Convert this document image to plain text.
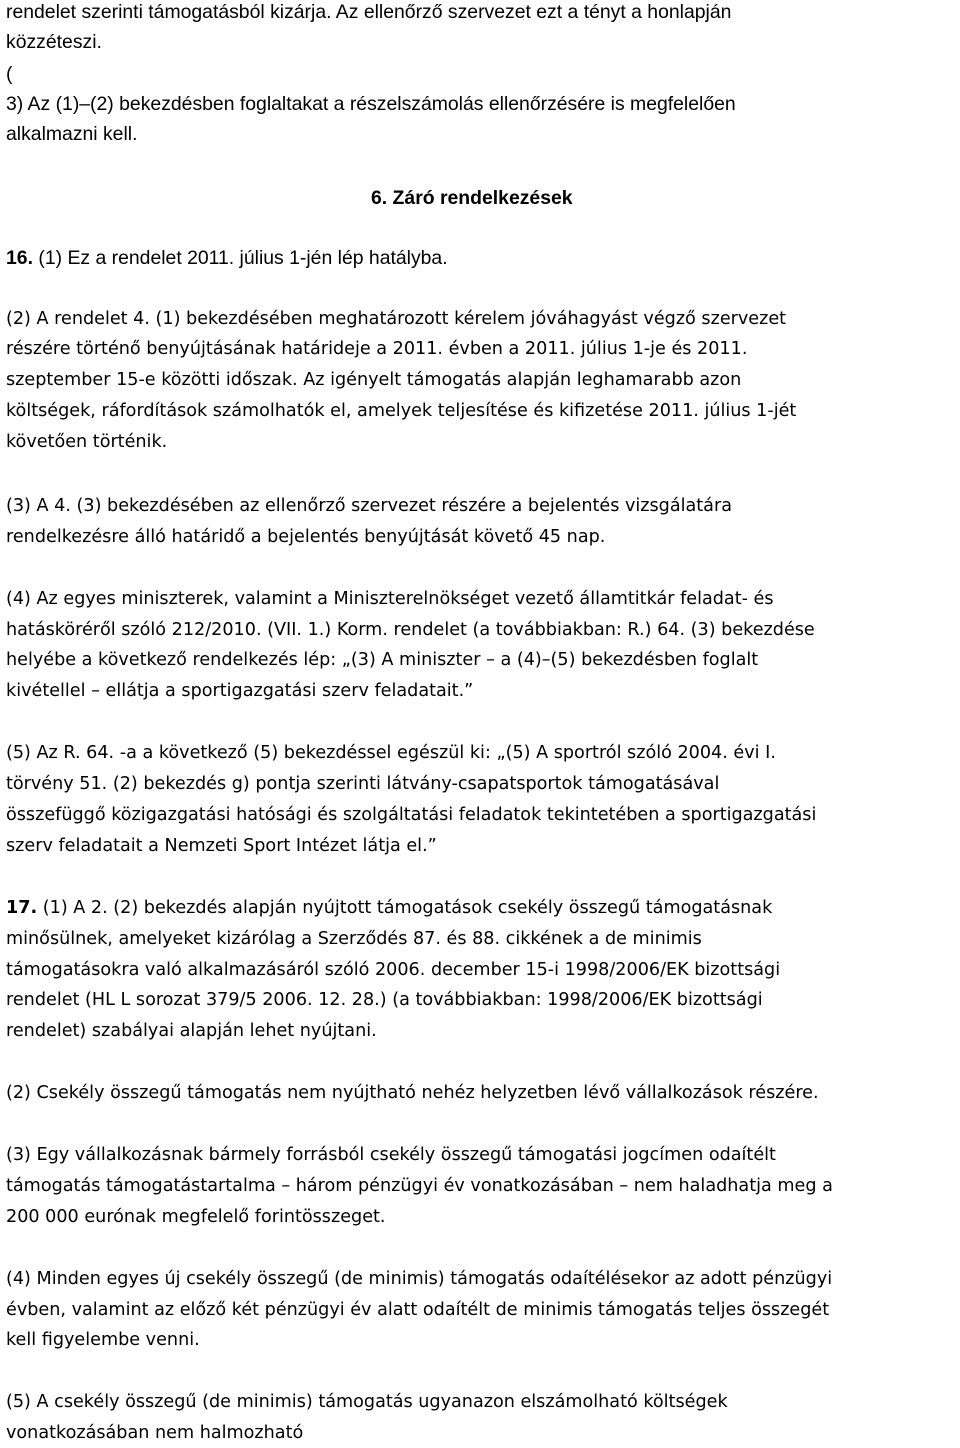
rendelet szerinti támogatásból kizárja. Az ellenőrző szervezet ezt a tényt a honlapján
közzéteszi.
(
3) Az (1)–(2) bekezdésben foglaltakat a részelszámolás ellenőrzésére is megfelelően
alkalmazni kell.
6. Záró rendelkezések
16. (1) Ez a rendelet 2011. július 1-jén lép hatályba.
(2) A rendelet 4. (1) bekezdésében meghatározott kérelem jóváhagyást végző szervezet
részére történő benyújtásának határideje a 2011. évben a 2011. július 1-je és 2011.
szeptember 15-e közötti időszak. Az igényelt támogatás alapján leghamarabb azon
költségek, ráfordítások számolhatók el, amelyek teljesítése és kifizetése 2011. július 1-jét
követően történik.
(3) A 4. (3) bekezdésében az ellenőrző szervezet részére a bejelentés vizsgálatára
rendelkezésre álló határidő a bejelentés benyújtását követő 45 nap.
(4) Az egyes miniszterek, valamint a Miniszterelnökséget vezető államtitkár feladat- és
hatásköréről szóló 212/2010. (VII. 1.) Korm. rendelet (a továbbiakban: R.) 64. (3) bekezdése
helyébe a következő rendelkezés lép: „(3) A miniszter – a (4)–(5) bekezdésben foglalt
kivétellel – ellátja a sportigazgatási szerv feladatait.”
(5) Az R. 64. -a a következő (5) bekezdéssel egészül ki: „(5) A sportról szóló 2004. évi I.
törvény 51. (2) bekezdés g) pontja szerinti látvány-csapatsportok támogatásával
összefüggő közigazgatási hatósági és szolgáltatási feladatok tekintetében a sportigazgatási
szerv feladatait a Nemzeti Sport Intézet látja el.”
17. (1) A 2. (2) bekezdés alapján nyújtott támogatások csekély összegű támogatásnak
minősülnek, amelyeket kizárólag a Szerződés 87. és 88. cikkének a de minimis
támogatásokra való alkalmazásáról szóló 2006. december 15-i 1998/2006/EK bizottsági
rendelet (HL L sorozat 379/5 2006. 12. 28.) (a továbbiakban: 1998/2006/EK bizottsági
rendelet) szabályai alapján lehet nyújtani.
(2) Csekély összegű támogatás nem nyújtható nehéz helyzetben lévő vállalkozások részére.
(3) Egy vállalkozásnak bármely forrásból csekély összegű támogatási jogcímen odaítélt
támogatás támogatástartalma – három pénzügyi év vonatkozásában – nem haladhatja meg a
200 000 eurónak megfelelő forintösszeget.
(4) Minden egyes új csekély összegű (de minimis) támogatás odaítélésekor az adott pénzügyi
évben, valamint az előző két pénzügyi év alatt odaítélt de minimis támogatás teljes összegét
kell figyelembe venni.
(5) A csekély összegű (de minimis) támogatás ugyanazon elszámolható költségek
vonatkozásában nem halmozható
